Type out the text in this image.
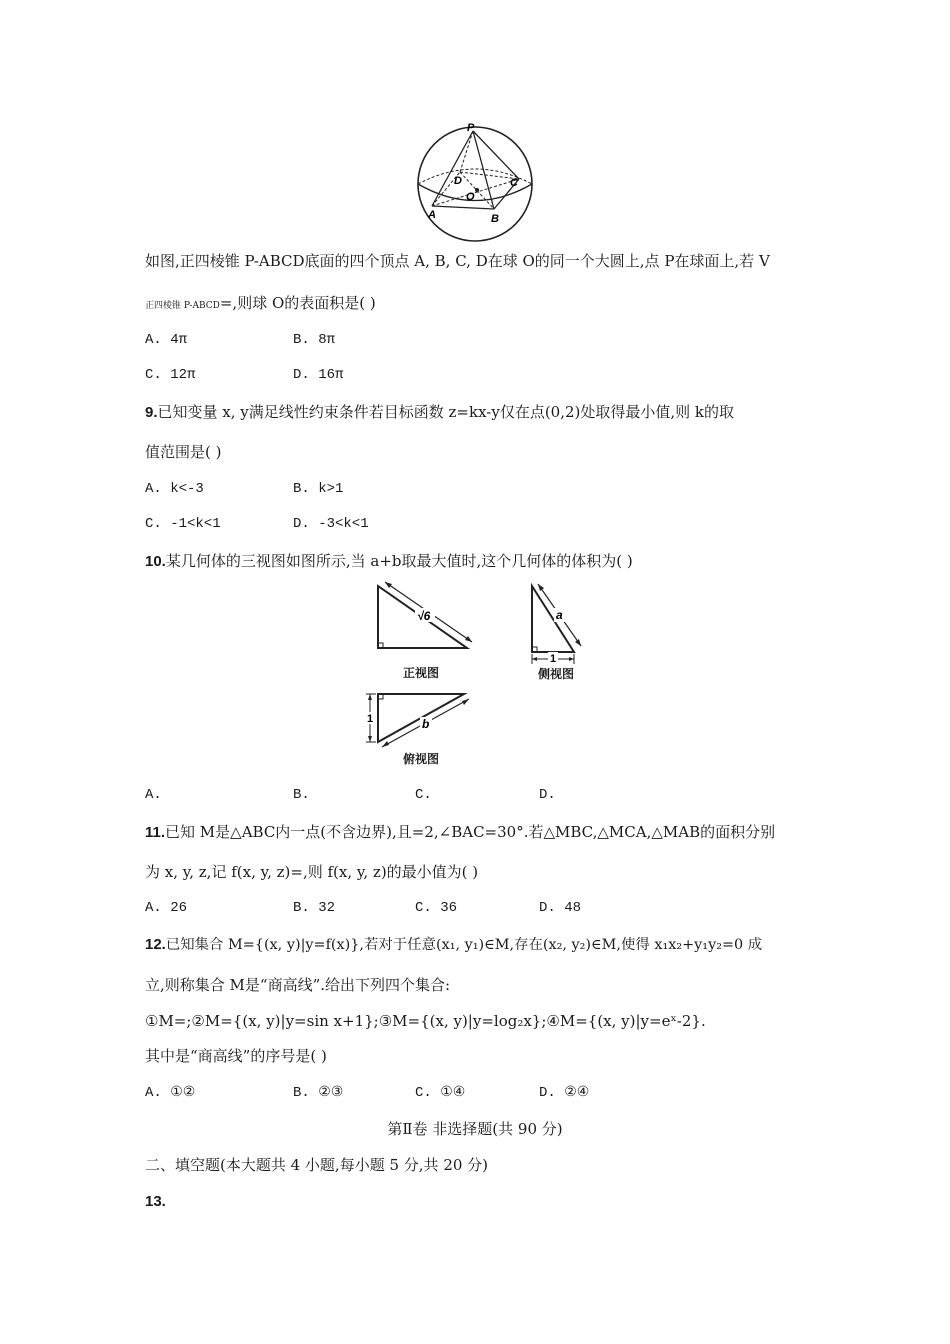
P
D	C
O
A	B
如图,正四棱锥 P-ABCD底面的四个顶点 A, B, C, D在球 O的同一个大圆上,点 P在球面上,若 V
正四棱锥 P-ABCD=,则球 O的表面积是( )
A. 4π	B. 8π
C. 12π	D. 16π
9.已知变量 x, y满足线性约束条件若目标函数 z=kx-y仅在点(0,2)处取得最小值,则 k的取
值范围是( )
A. k<-3	B. k>1
C. -1<k<1	D. -3<k<1
10.某几何体的三视图如图所示,当 a+b取最大值时,这个几何体的体积为( )
√6
正视图
a
1
侧视图
1	b
俯视图
A.	B.	C.	D.
11.已知 M是△ABC内一点(不含边界),且=2,∠BAC=30°.若△MBC,△MCA,△MAB的面积分别
为 x, y, z,记 f(x, y, z)=,则 f(x, y, z)的最小值为( )
A. 26	B. 32	C. 36	D. 48
12.已知集合 M={(x, y)|y=f(x)},若对于任意(x₁, y₁)∈M,存在(x₂, y₂)∈M,使得 x₁x₂+y₁y₂=0 成
立,则称集合 M是“商高线”.给出下列四个集合:
①M=;②M={(x, y)|y=sin x+1};③M={(x, y)|y=log₂x};④M={(x, y)|y=eˣ-2}.
其中是“商高线”的序号是( )
A. ①②	B. ②③	C. ①④	D. ②④
第Ⅱ卷 非选择题(共 90 分)
二、填空题(本大题共 4 小题,每小题 5 分,共 20 分)
13.
